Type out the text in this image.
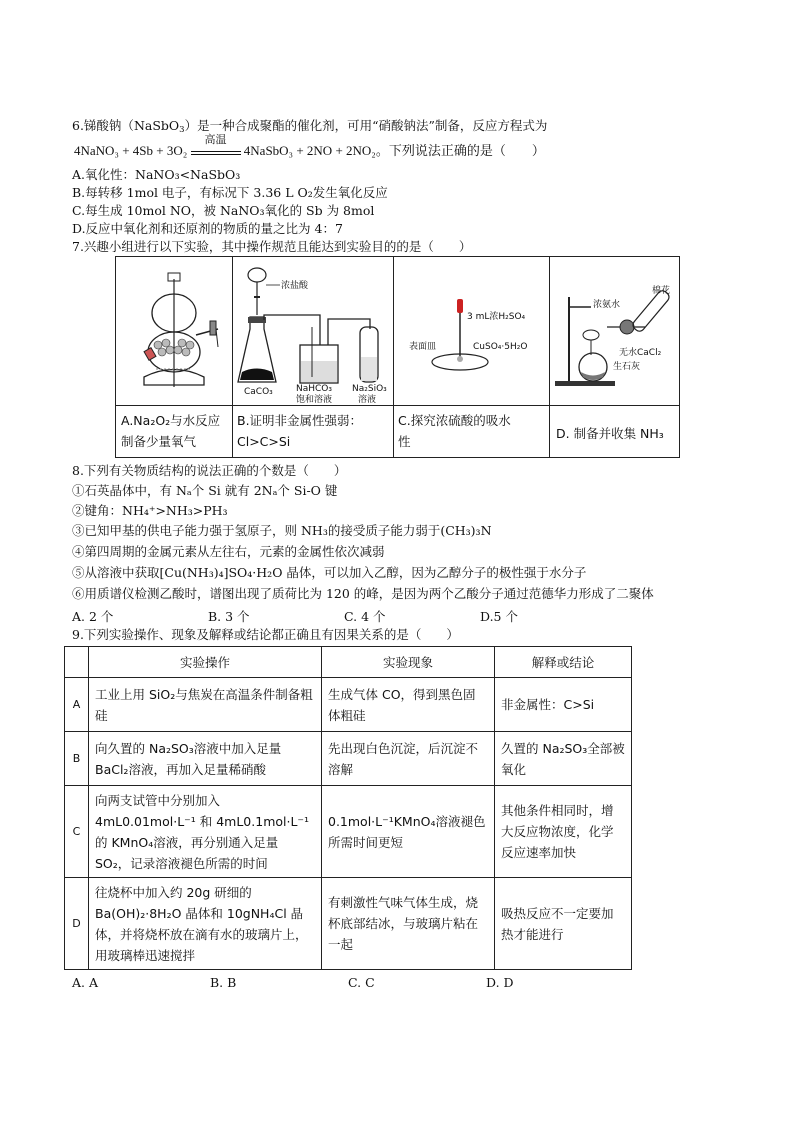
6.锑酸钠（NaSbO$_3$）是一种合成聚酯的催化剂，可用“硝酸钠法”制备，反应方程式为
4NaNO₃ + 4Sb + 3O₂
高温
4NaSbO₃ + 2NO + 2NO₂。下列说法正确的是（　　）
A.氧化性：NaNO₃<NaSbO₃
B.每转移 1mol 电子，有标况下 3.36 L O₂发生氧化反应
C.每生成 10mol NO，被 NaNO₃氧化的 Sb 为 8mol
D.反应中氧化剂和还原剂的物质的量之比为 4：7
7.兴趣小组进行以下实验，其中操作规范且能达到实验目的的是（　　）
浓盐酸
CaCO₃	NaHCO₃
饱和溶液
Na₂SiO₃
溶液
3 mL浓H₂SO₄
表面皿	CuSO₄·5H₂O
棉花
浓氨水
无水CaCl₂
生石灰
A.Na₂O₂与水反应
制备少量氧气
B.证明非金属性强弱：
Cl>C>Si
C.探究浓硫酸的吸水
性
D. 制备并收集 NH₃
8.下列有关物质结构的说法正确的个数是（　　）
①石英晶体中，有 Nₐ个 Si 就有 2Nₐ个 Si-O 键
②键角：NH₄⁺>NH₃>PH₃
③已知甲基的供电子能力强于氢原子，则 NH₃的接受质子能力弱于(CH₃)₃N
④第四周期的金属元素从左往右，元素的金属性依次减弱
⑤从溶液中获取[Cu(NH₃)₄]SO₄·H₂O 晶体，可以加入乙醇，因为乙醇分子的极性强于水分子
⑥用质谱仪检测乙酸时，谱图出现了质荷比为 120 的峰，是因为两个乙酸分子通过范德华力形成了二聚体
A. 2 个	B. 3 个	C. 4 个	D.5 个
9.下列实验操作、现象及解释或结论都正确且有因果关系的是（　　）
	实验操作	实验现象	解释或结论
A	工业上用 SiO₂与焦炭在高温条件制备粗硅	生成气体 CO，得到黑色固体粗硅	非金属性：C>Si
B	向久置的 Na₂SO₃溶液中加入足量 BaCl₂溶液，再加入足量稀硝酸	先出现白色沉淀，后沉淀不溶解	久置的 Na₂SO₃全部被氧化
C	向两支试管中分别加入 4mL0.01mol·L⁻¹ 和 4mL0.1mol·L⁻¹ 的 KMnO₄溶液，再分别通入足量 SO₂，记录溶液褪色所需的时间	0.1mol·L⁻¹KMnO₄溶液褪色所需时间更短	其他条件相同时，增大反应物浓度，化学反应速率加快
D	往烧杯中加入约 20g 研细的 Ba(OH)₂·8H₂O 晶体和 10gNH₄Cl 晶体，并将烧杯放在滴有水的玻璃片上，用玻璃棒迅速搅拌	有刺激性气味气体生成，烧杯底部结冰，与玻璃片粘在一起	吸热反应不一定要加热才能进行
A. A	B. B	C. C	D. D
